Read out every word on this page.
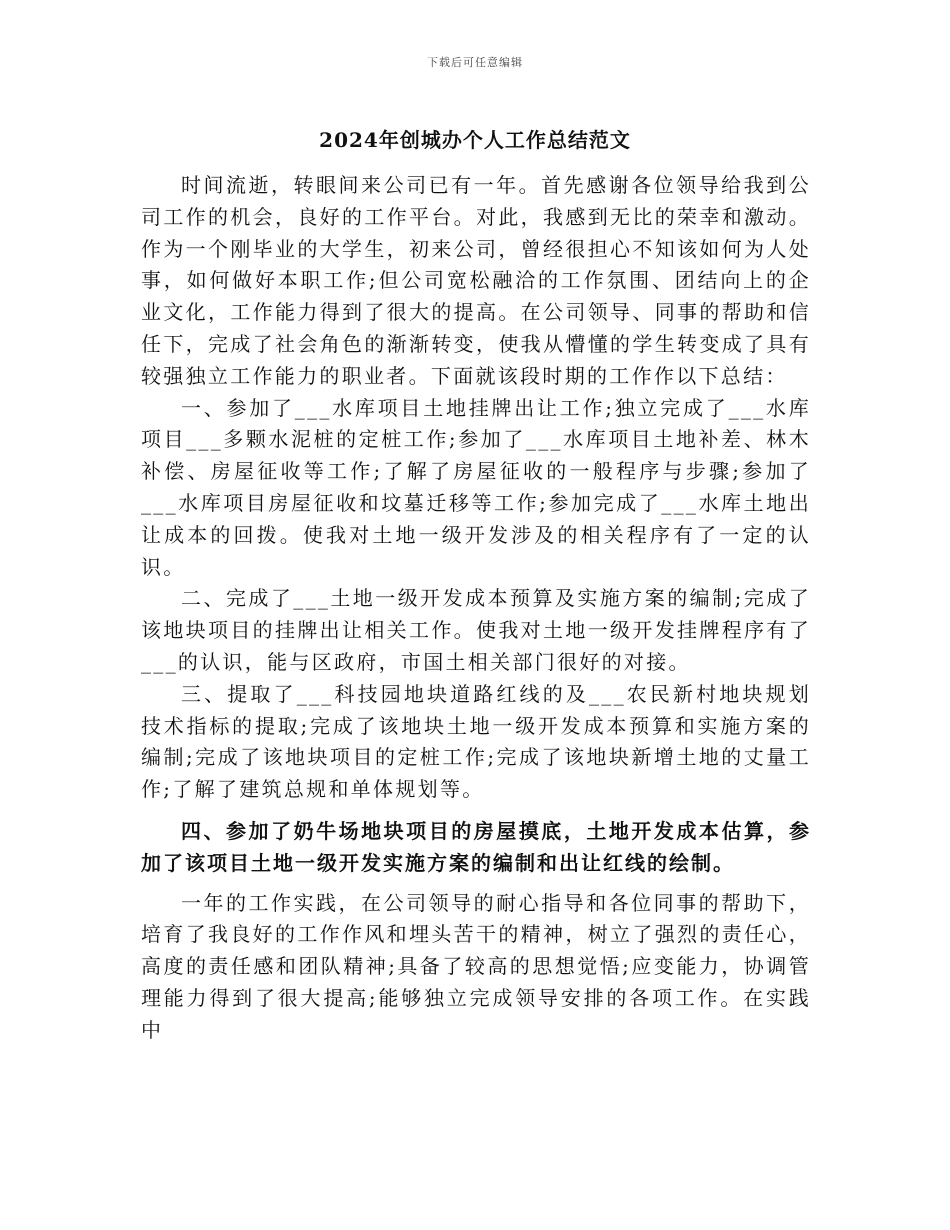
下载后可任意编辑
2024年创城办个人工作总结范文

时间流逝，转眼间来公司已有一年。首先感谢各位领导给我到公司工作的机会，良好的工作平台。对此，我感到无比的荣幸和激动。作为一个刚毕业的大学生，初来公司，曾经很担心不知该如何为人处事，如何做好本职工作;但公司宽松融洽的工作氛围、团结向上的企业文化，工作能力得到了很大的提高。在公司领导、同事的帮助和信任下，完成了社会角色的渐渐转变，使我从懵懂的学生转变成了具有较强独立工作能力的职业者。下面就该段时期的工作作以下总结：

一、参加了___水库项目土地挂牌出让工作;独立完成了___水库项目___多颗水泥桩的定桩工作;参加了___水库项目土地补差、林木补偿、房屋征收等工作;了解了房屋征收的一般程序与步骤;参加了___水库项目房屋征收和坟墓迁移等工作;参加完成了___水库土地出让成本的回拨。使我对土地一级开发涉及的相关程序有了一定的认识。

二、完成了___土地一级开发成本预算及实施方案的编制;完成了该地块项目的挂牌出让相关工作。使我对土地一级开发挂牌程序有了___的认识，能与区政府，市国土相关部门很好的对接。

三、提取了___科技园地块道路红线的及___农民新村地块规划技术指标的提取;完成了该地块土地一级开发成本预算和实施方案的编制;完成了该地块项目的定桩工作;完成了该地块新增土地的丈量工作;了解了建筑总规和单体规划等。

四、参加了奶牛场地块项目的房屋摸底，土地开发成本估算，参加了该项目土地一级开发实施方案的编制和出让红线的绘制。

一年的工作实践，在公司领导的耐心指导和各位同事的帮助下，培育了我良好的工作作风和埋头苦干的精神，树立了强烈的责任心，高度的责任感和团队精神;具备了较高的思想觉悟;应变能力，协调管理能力得到了很大提高;能够独立完成领导安排的各项工作。在实践中
